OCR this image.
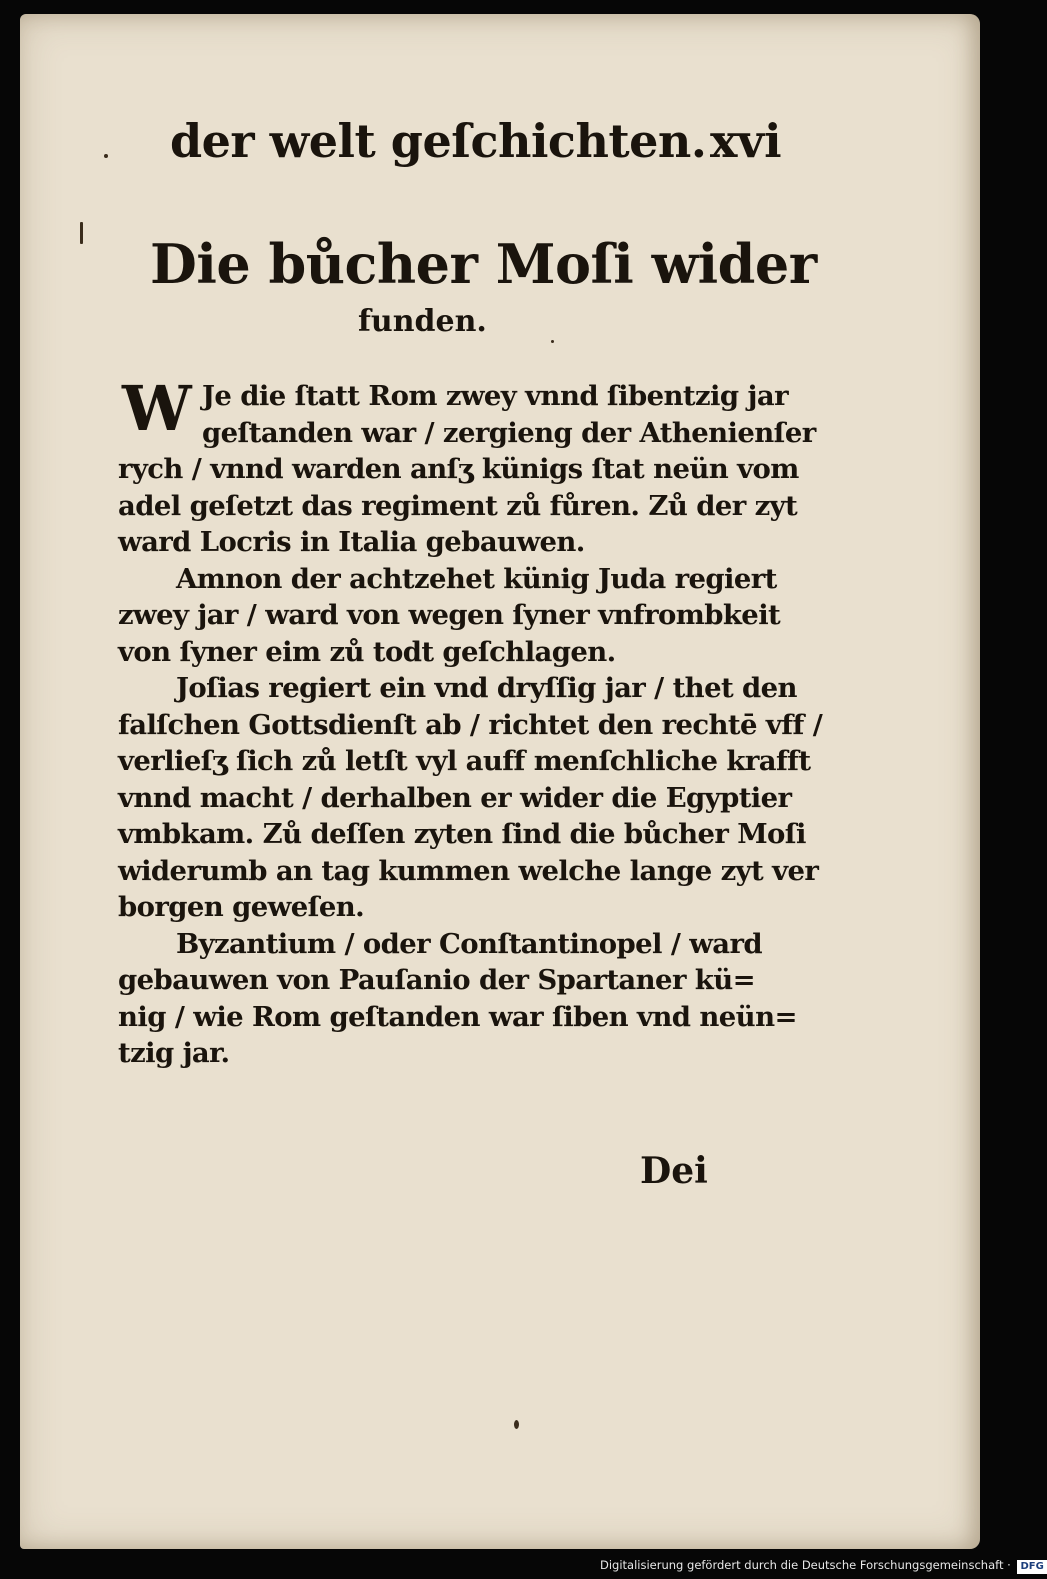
der welt geſchichten. xvi
Die bůcher Moſi wider
funden.
W Je die ſtatt Rom zwey vnnd ſibentzig jar
geſtanden war / zergieng der Athenienſer
rych / vnnd warden anſʒ künigs ſtat neün vom
adel geſetzt das regiment zů fůren. Zů der zyt
ward Locris in Italia gebauwen.
Amnon der achtzehet künig Juda regiert
zwey jar / ward von wegen ſyner vnfrombkeit
von ſyner eim zů todt geſchlagen.
Joſias regiert ein vnd dryſſig jar / thet den
falſchen Gottsdienſt ab / richtet den rechtē vff /
verlieſʒ ſich zů letſt vyl auff menſchliche krafft
vnnd macht / derhalben er wider die Egyptier
vmbkam. Zů deſſen zyten ſind die bůcher Moſi
widerumb an tag kummen welche lange zyt ver
borgen geweſen.
Byzantium / oder Conſtantinopel / ward
gebauwen von Pauſanio der Spartaner kü=
nig / wie Rom geſtanden war ſiben vnd neün=
tzig jar.
Dei
Digitalisierung gefördert durch die Deutsche Forschungsgemeinschaft · DFG
